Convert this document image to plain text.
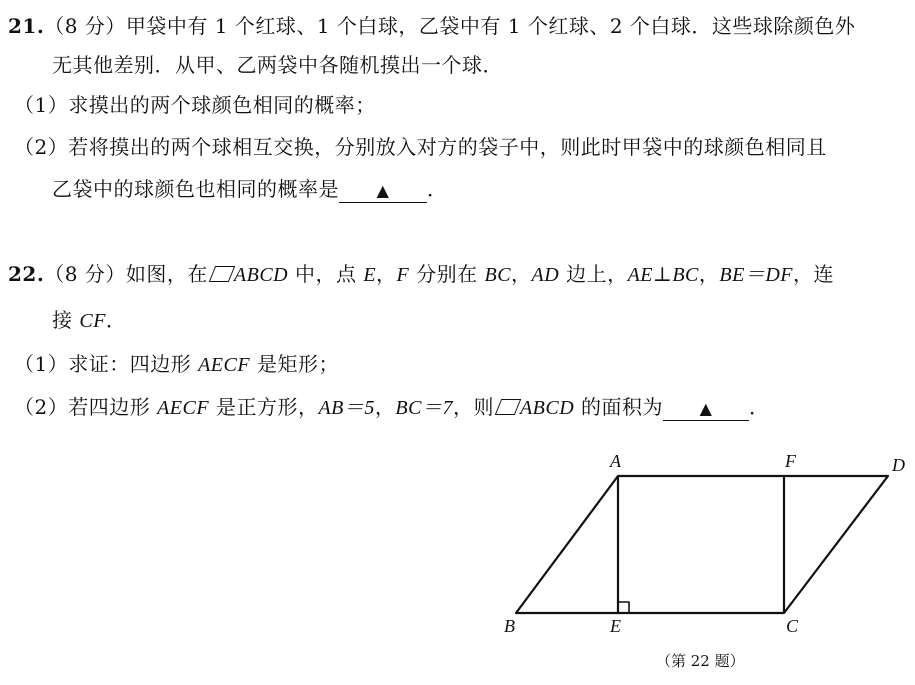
21.（8 分）甲袋中有 1 个红球、1 个白球，乙袋中有 1 个红球、2 个白球．这些球除颜色外
无其他差别．从甲、乙两袋中各随机摸出一个球．
（1）求摸出的两个球颜色相同的概率；
（2）若将摸出的两个球相互交换，分别放入对方的袋子中，则此时甲袋中的球颜色相同且
乙袋中的球颜色也相同的概率是 ▲ ．
22.（8 分）如图，在 ABCD 中，点 E，F 分别在 BC，AD 边上，AE⊥BC，BE＝DF，连
接 CF．
（1）求证：四边形 AECF 是矩形；
（2）若四边形 AECF 是正方形，AB＝5，BC＝7，则 ABCD 的面积为 ▲ ．
A	F	D
B	E	C
（第 22 题）
